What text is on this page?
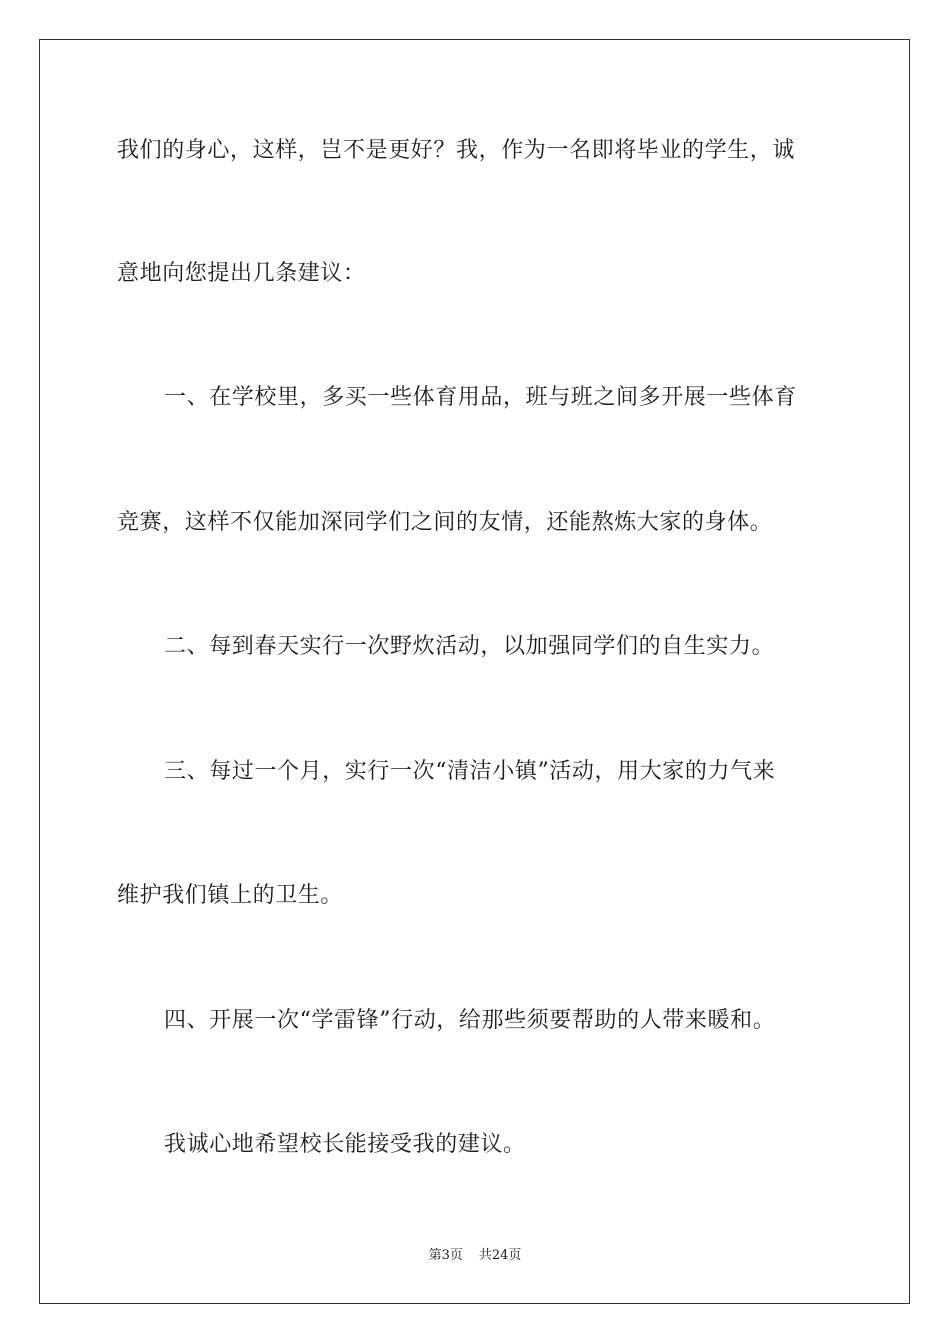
我们的身心，这样，岂不是更好？我，作为一名即将毕业的学生，诚
意地向您提出几条建议：
一、在学校里，多买一些体育用品，班与班之间多开展一些体育
竞赛，这样不仅能加深同学们之间的友情，还能熬炼大家的身体。
二、每到春天实行一次野炊活动，以加强同学们的自生实力。
三、每过一个月，实行一次“清洁小镇”活动，用大家的力气来
维护我们镇上的卫生。
四、开展一次“学雷锋”行动，给那些须要帮助的人带来暖和。
我诚心地希望校长能接受我的建议。
第3页 共24页
